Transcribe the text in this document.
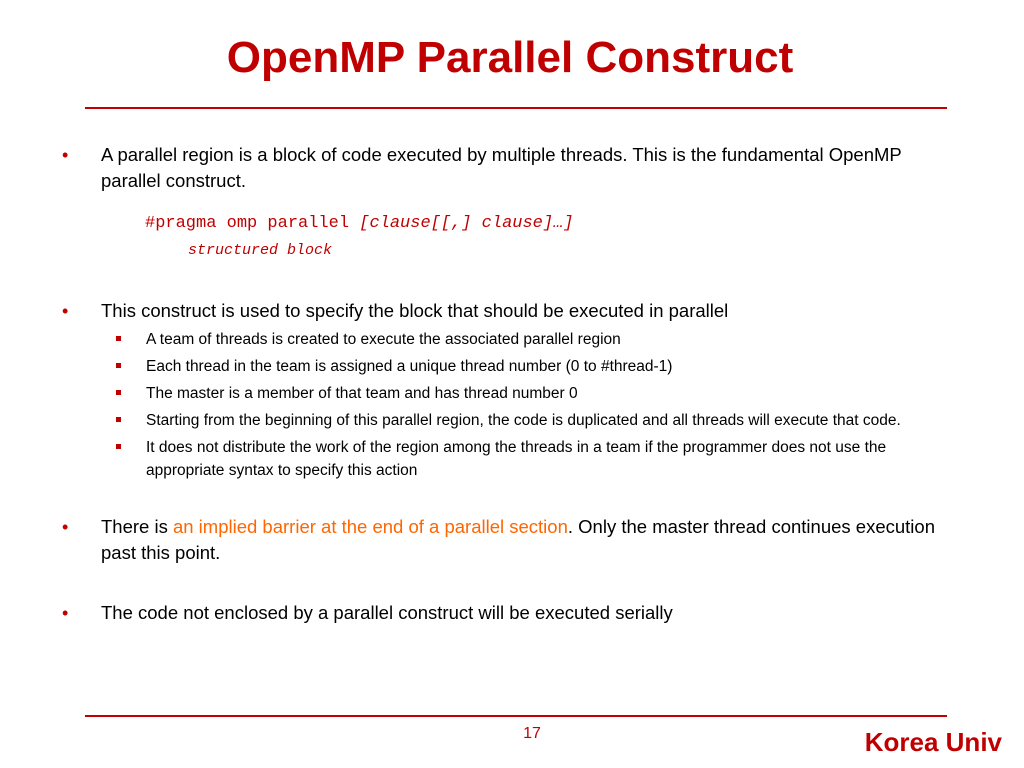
OpenMP Parallel Construct

• A parallel region is a block of code executed by multiple threads. This is the fundamental OpenMP parallel construct.

#pragma omp parallel [clause[[,] clause]…]

structured block

• This construct is used to specify the block that should be executed in parallel

A team of threads is created to execute the associated parallel region
Each thread in the team is assigned a unique thread number (0 to #thread-1)
The master is a member of that team and has thread number 0
Starting from the beginning of this parallel region, the code is duplicated and all threads will execute that code.
It does not distribute the work of the region among the threads in a team if the programmer does not use the appropriate syntax to specify this action

• There is an implied barrier at the end of a parallel section. Only the master thread continues execution past this point.

• The code not enclosed by a parallel construct will be executed serially

17	Korea Univ
